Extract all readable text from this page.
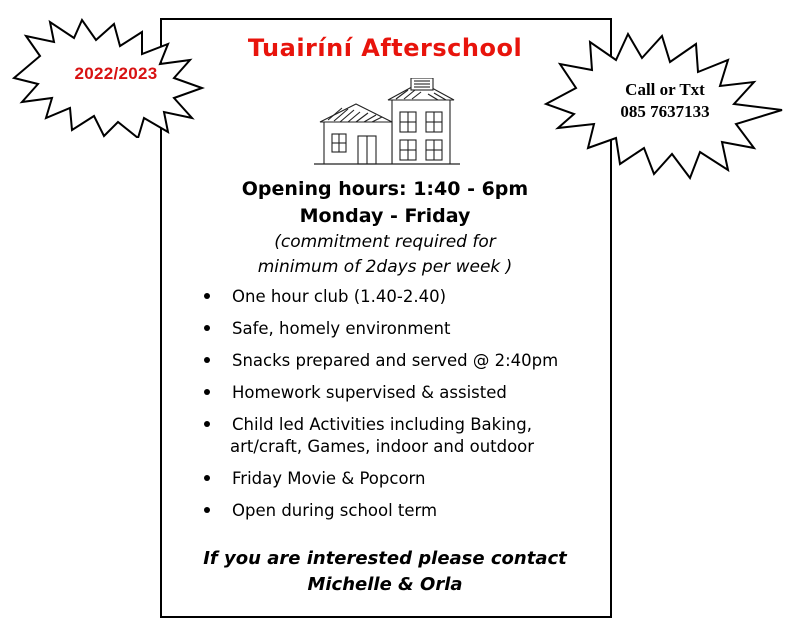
2022/2023
Call or Txt
085 7637133
Tuairíní Afterschool
Opening hours: 1:40 - 6pm
Monday - Friday
(commitment required for
minimum of 2days per week )
One hour club (1.40-2.40)
Safe, homely environment
Snacks prepared and served @ 2:40pm
Homework supervised & assisted
Child led Activities including Baking,
art/craft, Games, indoor and outdoor
Friday Movie & Popcorn
Open during school term
If you are interested please contact
Michelle & Orla
